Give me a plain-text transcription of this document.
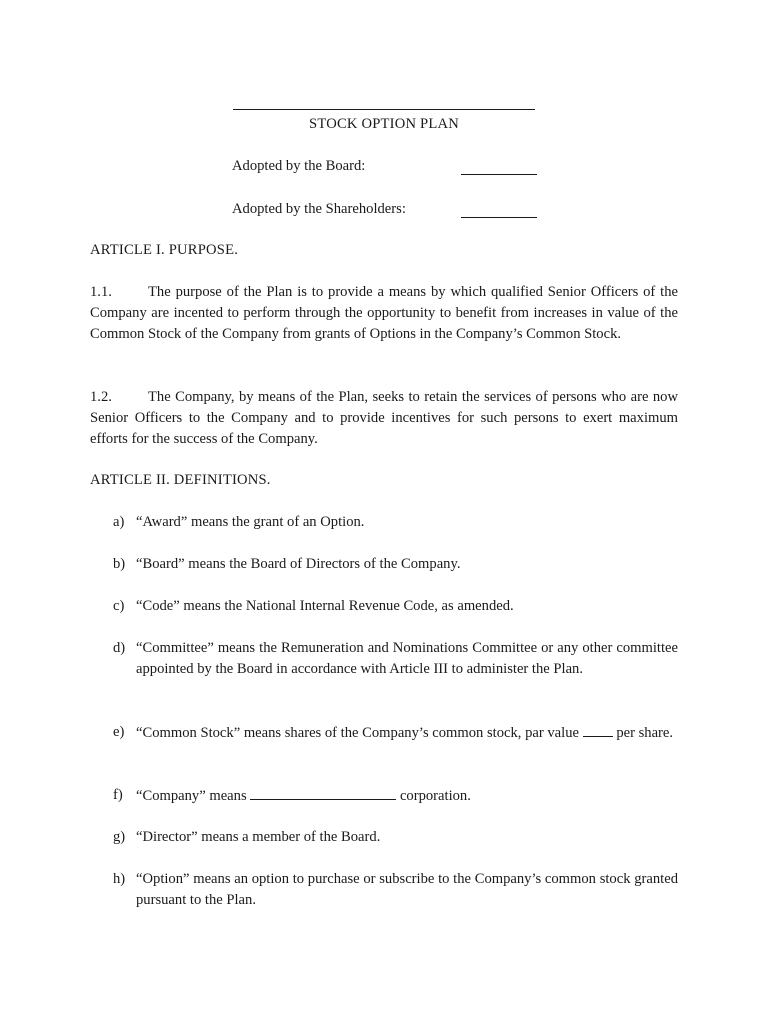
STOCK OPTION PLAN
Adopted by the Board:
Adopted by the Shareholders:
ARTICLE I. PURPOSE.
1.1. The purpose of the Plan is to provide a means by which qualified Senior Officers of the Company are incented to perform through the opportunity to benefit from increases in value of the Common Stock of the Company from grants of Options in the Company’s Common Stock.
1.2. The Company, by means of the Plan, seeks to retain the services of persons who are now Senior Officers to the Company and to provide incentives for such persons to exert maximum efforts for the success of the Company.
ARTICLE II. DEFINITIONS.
a) “Award” means the grant of an Option.
b) “Board” means the Board of Directors of the Company.
c) “Code” means the National Internal Revenue Code, as amended.
d) “Committee” means the Remuneration and Nominations Committee or any other committee appointed by the Board in accordance with Article III to administer the Plan.
e) “Common Stock” means shares of the Company’s common stock, par value	per share.
f) “Company” means	corporation.
g) “Director” means a member of the Board.
h) “Option” means an option to purchase or subscribe to the Company’s common stock granted pursuant to the Plan.
